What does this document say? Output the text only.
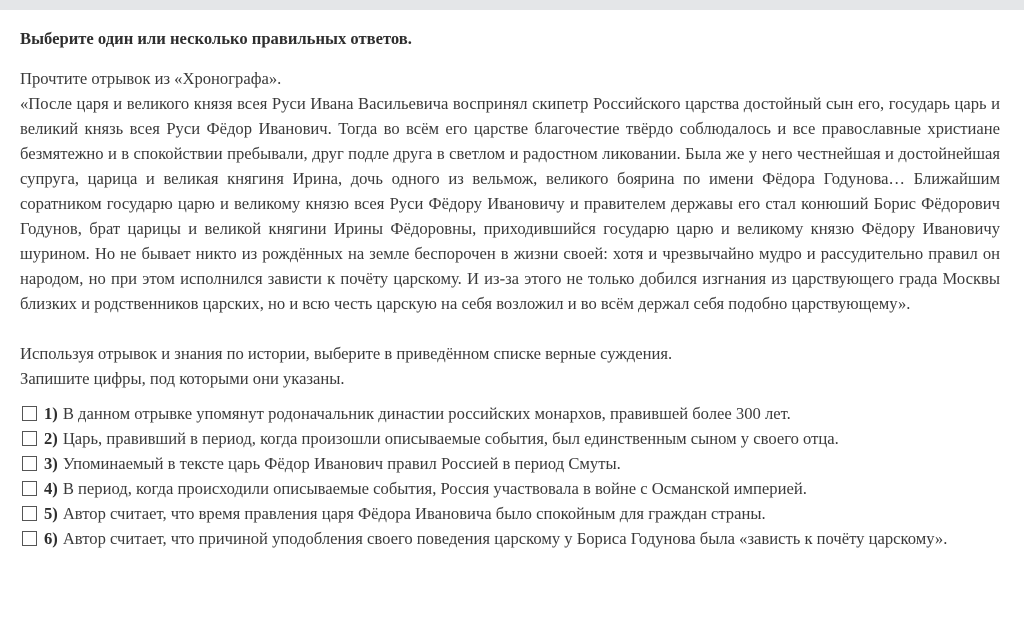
Выберите один или несколько правильных ответов.

Прочтите отрывок из «Хронографа».

«После царя и великого князя всея Руси Ивана Васильевича воспринял скипетр Российского царства достойный сын его, государь царь и великий князь всея Руси Фёдор Иванович. Тогда во всём его царстве благочестие твёрдо соблюдалось и все православные христиане безмятежно и в спокойствии пребывали, друг подле друга в светлом и радостном ликовании. Была же у него честнейшая и достойнейшая супруга, царица и великая княгиня Ирина, дочь одного из вельмож, великого боярина по имени Фёдора Годунова… Ближайшим соратником государю царю и великому князю всея Руси Фёдору Ивановичу и правителем державы его стал конюший Борис Фёдорович Годунов, брат царицы и великой княгини Ирины Фёдоровны, приходившийся государю царю и великому князю Фёдору Ивановичу шурином. Но не бывает никто из рождённых на земле беспорочен в жизни своей: хотя и чрезвычайно мудро и рассудительно правил он народом, но при этом исполнился зависти к почёту царскому. И из-за этого не только добился изгнания из царствующего града Москвы близких и родственников царских, но и всю честь царскую на себя возложил и во всём держал себя подобно царствующему».

Используя отрывок и знания по истории, выберите в приведённом списке верные суждения.
Запишите цифры, под которыми они указаны.

1) В данном отрывке упомянут родоначальник династии российских монархов, правившей более 300 лет.
2) Царь, правивший в период, когда произошли описываемые события, был единственным сыном у своего отца.
3) Упоминаемый в тексте царь Фёдор Иванович правил Россией в период Смуты.
4) В период, когда происходили описываемые события, Россия участвовала в войне с Османской империей.
5) Автор считает, что время правления царя Фёдора Ивановича было спокойным для граждан страны.
6) Автор считает, что причиной уподобления своего поведения царскому у Бориса Годунова была «зависть к почёту царскому».
